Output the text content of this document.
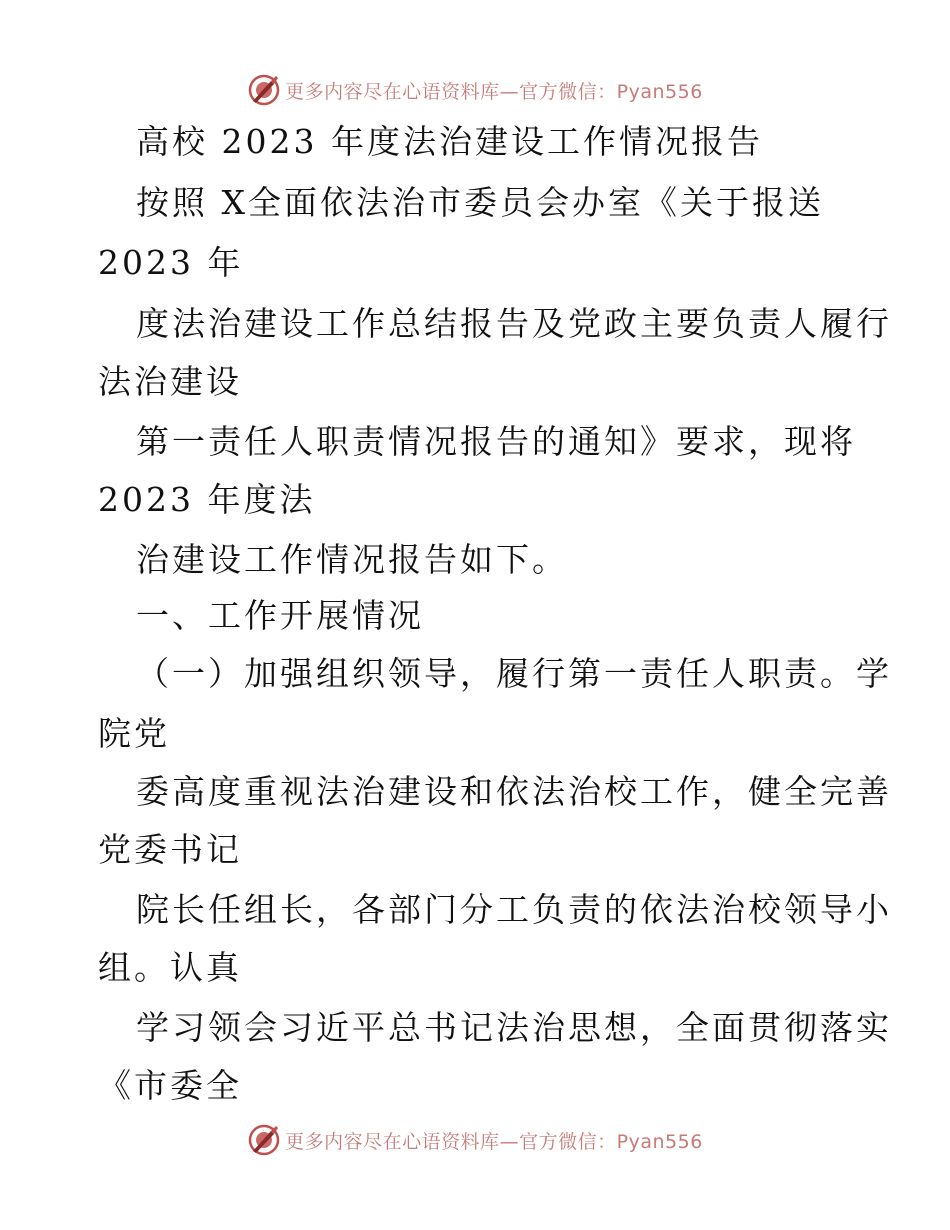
更多内容尽在心语资料库—官方微信：Pyan556
高校 2023 年度法治建设工作情况报告
按照 X全面依法治市委员会办室《关于报送
2023 年
度法治建设工作总结报告及党政主要负责人履行
法治建设
第一责任人职责情况报告的通知》要求，现将
2023 年度法
治建设工作情况报告如下。
一、工作开展情况
（一）加强组织领导，履行第一责任人职责。学
院党
委高度重视法治建设和依法治校工作，健全完善
党委书记
院长任组长，各部门分工负责的依法治校领导小
组。认真
学习领会习近平总书记法治思想，全面贯彻落实
《市委全
更多内容尽在心语资料库—官方微信：Pyan556
